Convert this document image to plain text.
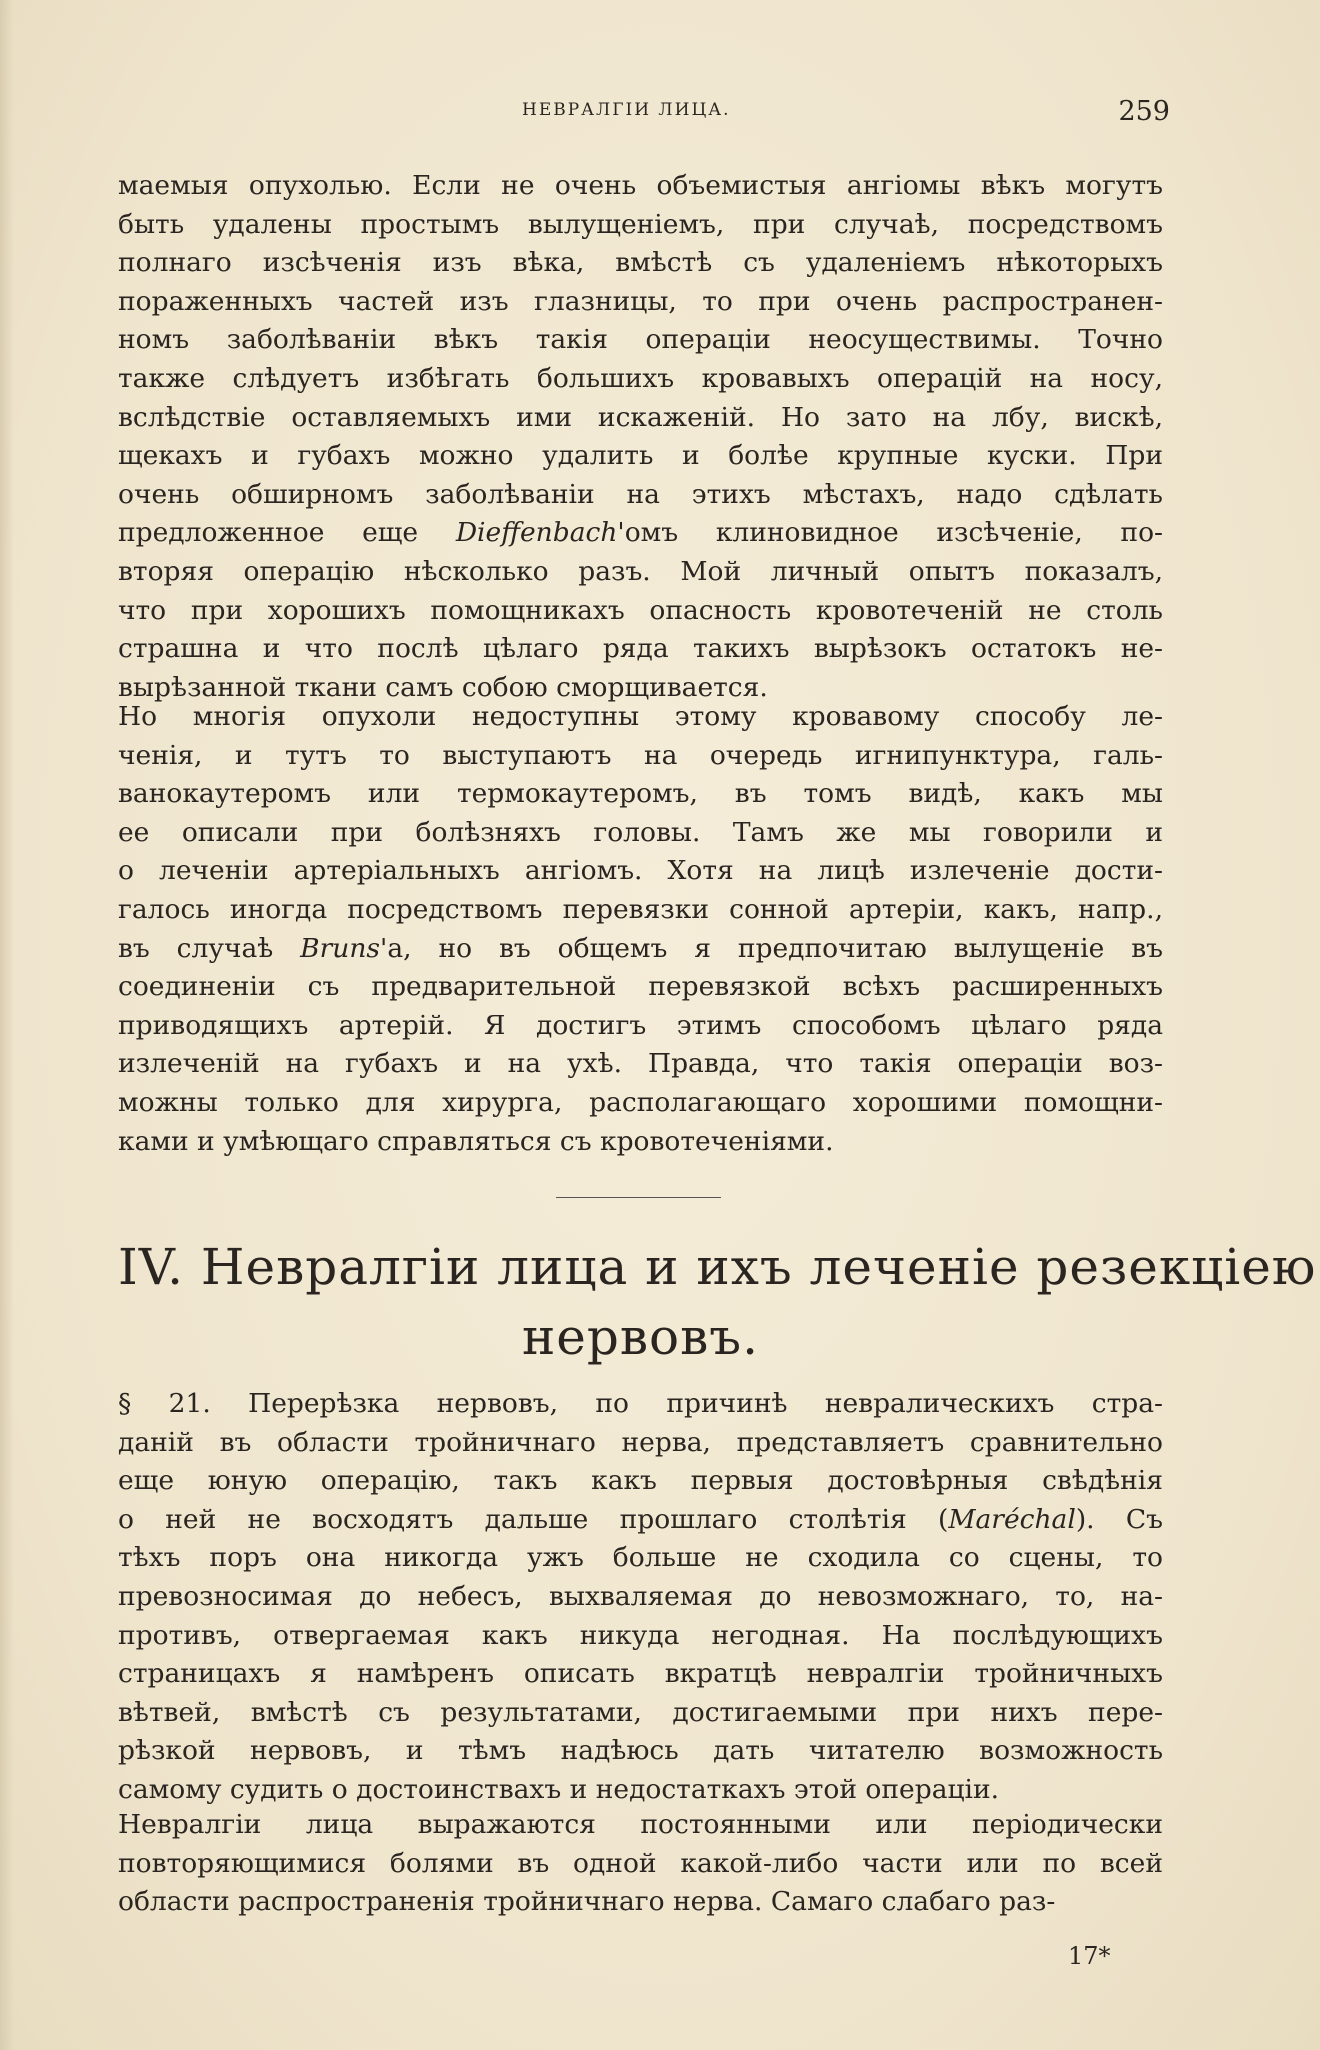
НЕВРАЛГІИ ЛИЦА.	259
маемыя опухолью. Если не очень объемистыя ангіомы вѣкъ могутъ
быть удалены простымъ вылущеніемъ, при случаѣ, посредствомъ
полнаго изсѣченія изъ вѣка, вмѣстѣ съ удаленіемъ нѣкоторыхъ
пораженныхъ частей изъ глазницы, то при очень распространен-
номъ заболѣваніи вѣкъ такія операціи неосуществимы. Точно
также слѣдуетъ избѣгать большихъ кровавыхъ операцій на носу,
вслѣдствіе оставляемыхъ ими искаженій. Но зато на лбу, вискѣ,
щекахъ и губахъ можно удалить и болѣе крупные куски. При
очень обширномъ заболѣваніи на этихъ мѣстахъ, надо сдѣлать
предложенное еще Dieffenbach'омъ клиновидное изсѣченіе, по-
вторяя операцію нѣсколько разъ. Мой личный опытъ показалъ,
что при хорошихъ помощникахъ опасность кровотеченій не столь
страшна и что послѣ цѣлаго ряда такихъ вырѣзокъ остатокъ не-
вырѣзанной ткани самъ собою сморщивается.
Но многія опухоли недоступны этому кровавому способу ле-
ченія, и тутъ то выступаютъ на очередь игнипунктура, галь-
ванокаутеромъ или термокаутеромъ, въ томъ видѣ, какъ мы
ее описали при болѣзняхъ головы. Тамъ же мы говорили и
о леченіи артеріальныхъ ангіомъ. Хотя на лицѣ излеченіе дости-
галось иногда посредствомъ перевязки сонной артеріи, какъ, напр.,
въ случаѣ Bruns'а, но въ общемъ я предпочитаю вылущеніе въ
соединеніи съ предварительной перевязкой всѣхъ расширенныхъ
приводящихъ артерій. Я достигъ этимъ способомъ цѣлаго ряда
излеченій на губахъ и на ухѣ. Правда, что такія операціи воз-
можны только для хирурга, располагающаго хорошими помощни-
ками и умѣющаго справляться съ кровотеченіями.
IV. Невралгіи лица и ихъ леченіе резекціею
нервовъ.
§ 21. Перерѣзка нервовъ, по причинѣ невралическихъ стра-
даній въ области тройничнаго нерва, представляетъ сравнительно
еще юную операцію, такъ какъ первыя достовѣрныя свѣдѣнія
о ней не восходятъ дальше прошлаго столѣтія (Maréchal). Съ
тѣхъ поръ она никогда ужъ больше не сходила со сцены, то
превозносимая до небесъ, выхваляемая до невозможнаго, то, на-
противъ, отвергаемая какъ никуда негодная. На послѣдующихъ
страницахъ я намѣренъ описать вкратцѣ невралгіи тройничныхъ
вѣтвей, вмѣстѣ съ результатами, достигаемыми при нихъ пере-
рѣзкой нервовъ, и тѣмъ надѣюсь дать читателю возможность
самому судить о достоинствахъ и недостаткахъ этой операціи.
Невралгіи лица выражаются постоянными или періодически
повторяющимися болями въ одной какой-либо части или по всей
области распространенія тройничнаго нерва. Самаго слабаго раз-
17*
